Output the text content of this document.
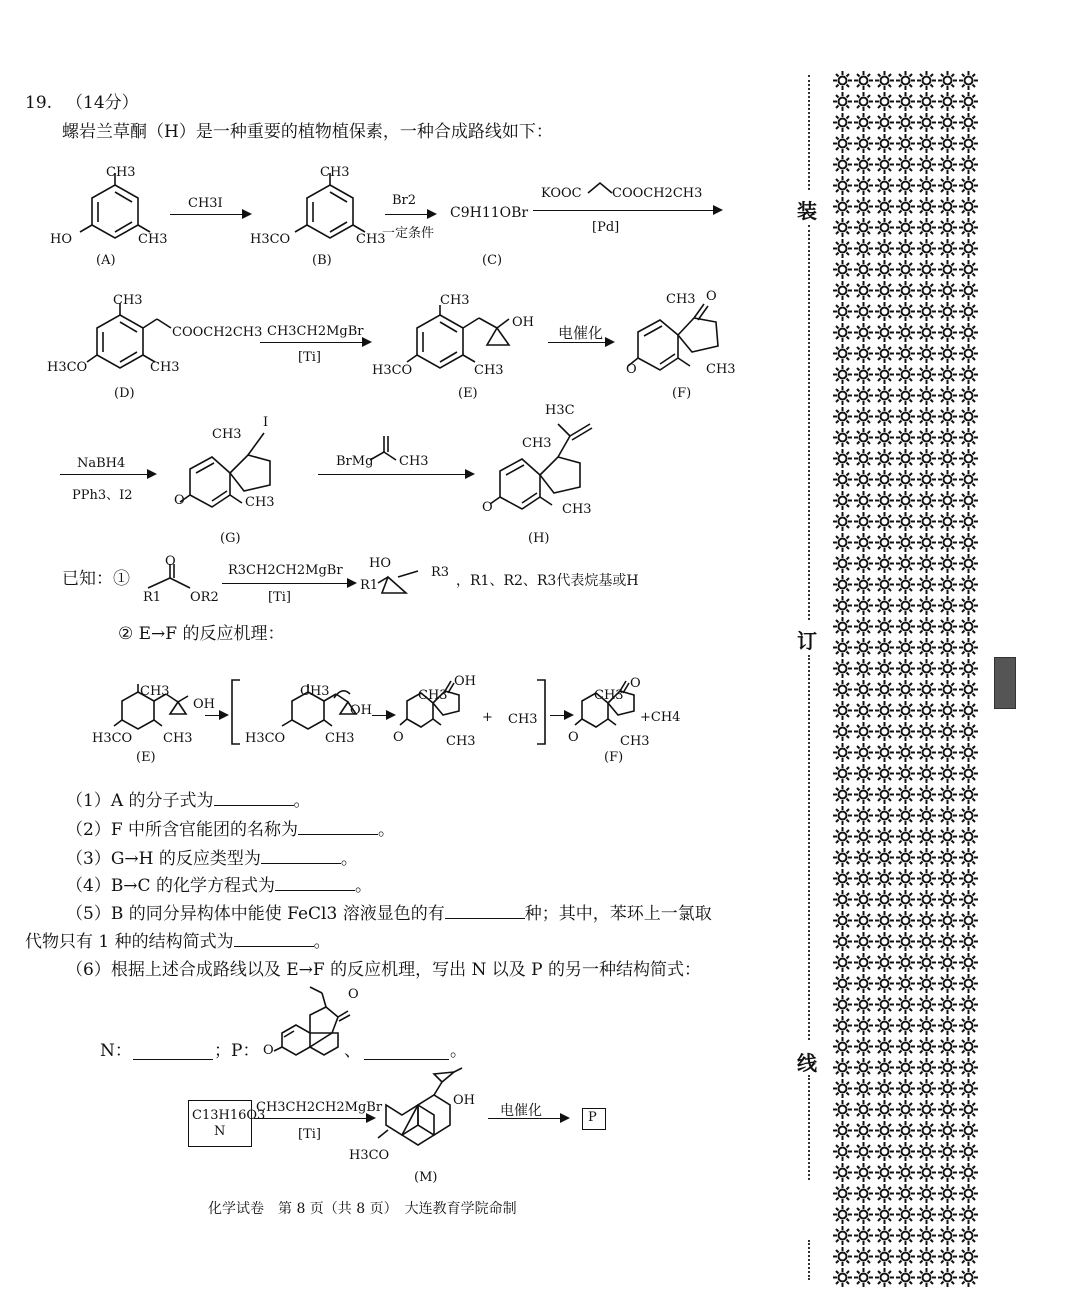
19. （14分）
螺岩兰草酮（H）是一种重要的植物植保素，一种合成路线如下：
CH3
CH3
HO
(A)
CH3I
CH3
CH3
H3CO
(B)
Br2
一定条件
C9H11OBr
(C)
KOOC COOCH2CH3
[Pd]
CH3
COOCH2CH3
CH3
H3CO
(D)
CH3CH2MgBr
[Ti]
CH3
OH
CH3
H3CO
(E)
电催化
CH3 O
O	CH3
(F)
NaBH4
PPh3、I2
CH3
I
O	CH3
(G)
BrMg CH3
H3C
CH3
O	CH3
(H)
已知：①
O
R1 OR2
R3CH2CH2MgBr
[Ti]
HO
R1
R3
，R1、R2、R3代表烷基或H
② E→F 的反应机理：
CH3
OH
CH3
H3CO
(E)
CH3
OH
CH3
H3CO
CH3
OH
O	CH3
+ CH3
CH3
O
+CH4
O	CH3
(F)
（1）A 的分子式为	。
（2）F 中所含官能团的名称为	。
（3）G→H 的反应类型为	。
（4）B→C 的化学方程式为	。
（5）B 的同分异构体中能使 FeCl3 溶液显色的有	种；其中，苯环上一氯取
代物只有 1 种的结构简式为	。
（6）根据上述合成路线以及 E→F 的反应机理，写出 N 以及 P 的另一种结构简式：
N：	；P：
O
O	、	。
C13H16O3
N
CH3CH2CH2MgBr
[Ti]
OH
H3CO
(M)
电催化	P
化学试卷　第 8 页（共 8 页）　大连教育学院命制
装
订
线
